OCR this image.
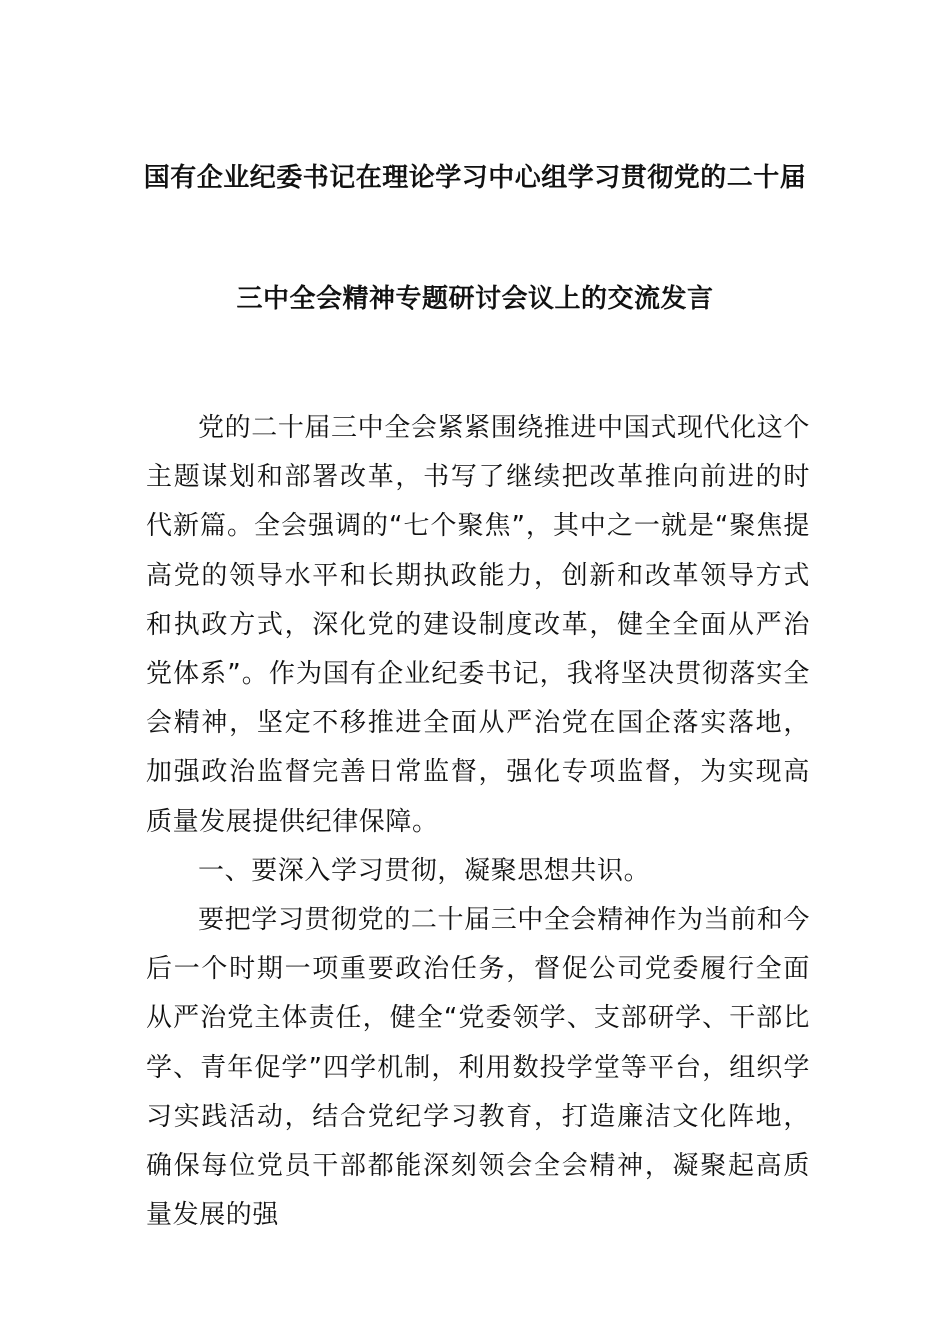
国有企业纪委书记在理论学习中心组学习贯彻党的二十届
三中全会精神专题研讨会议上的交流发言

党的二十届三中全会紧紧围绕推进中国式现代化这个主题谋划和部署改革，书写了继续把改革推向前进的时代新篇。全会强调的“七个聚焦”，其中之一就是“聚焦提高党的领导水平和长期执政能力，创新和改革领导方式和执政方式，深化党的建设制度改革，健全全面从严治党体系”。作为国有企业纪委书记，我将坚决贯彻落实全会精神，坚定不移推进全面从严治党在国企落实落地，加强政治监督完善日常监督，强化专项监督，为实现高质量发展提供纪律保障。

一、要深入学习贯彻，凝聚思想共识。

要把学习贯彻党的二十届三中全会精神作为当前和今后一个时期一项重要政治任务，督促公司党委履行全面从严治党主体责任，健全“党委领学、支部研学、干部比学、青年促学”四学机制，利用数投学堂等平台，组织学习实践活动，结合党纪学习教育，打造廉洁文化阵地，确保每位党员干部都能深刻领会全会精神，凝聚起高质量发展的强
